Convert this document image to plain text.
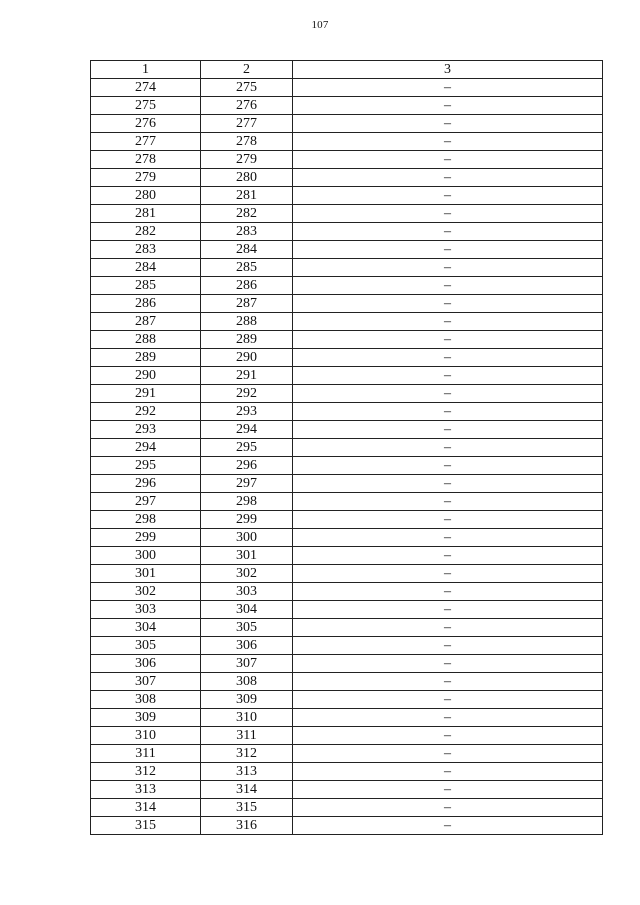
107
1	2	3
274	275	–
275	276	–
276	277	–
277	278	–
278	279	–
279	280	–
280	281	–
281	282	–
282	283	–
283	284	–
284	285	–
285	286	–
286	287	–
287	288	–
288	289	–
289	290	–
290	291	–
291	292	–
292	293	–
293	294	–
294	295	–
295	296	–
296	297	–
297	298	–
298	299	–
299	300	–
300	301	–
301	302	–
302	303	–
303	304	–
304	305	–
305	306	–
306	307	–
307	308	–
308	309	–
309	310	–
310	311	–
311	312	–
312	313	–
313	314	–
314	315	–
315	316	–
